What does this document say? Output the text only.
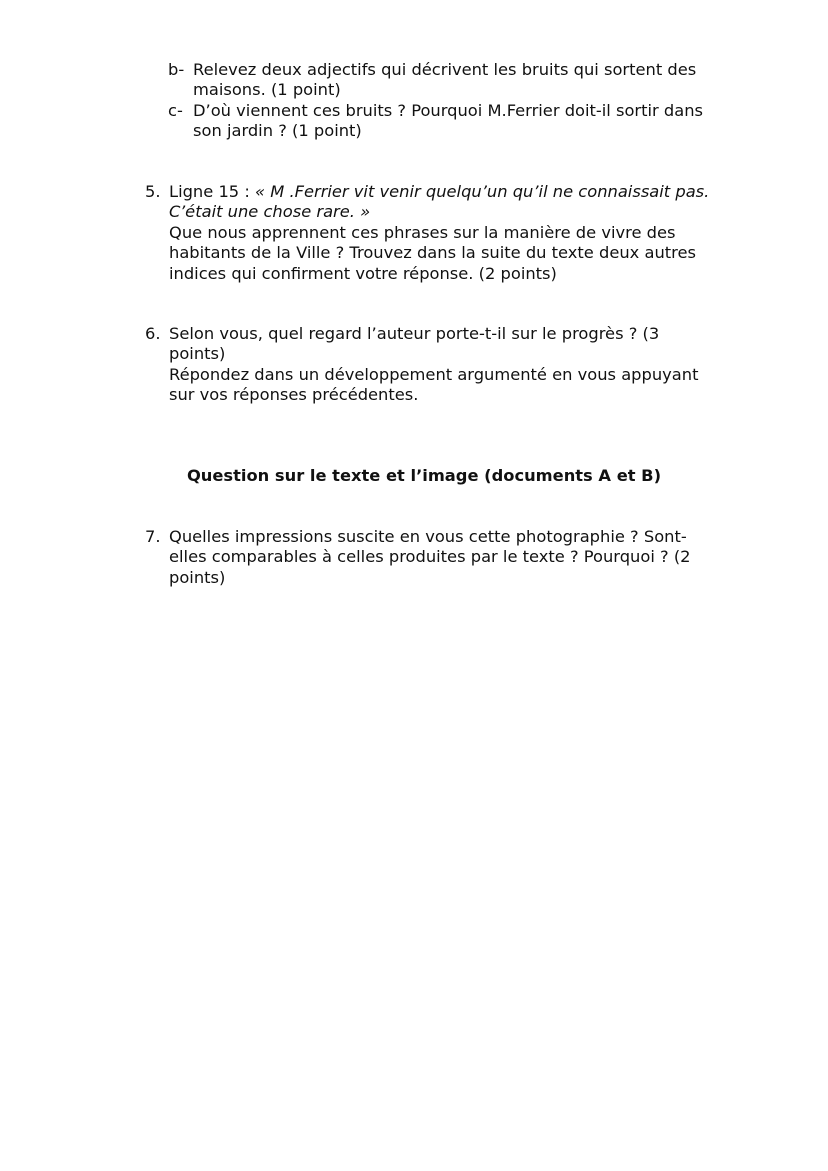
b- Relevez deux adjectifs qui décrivent les bruits qui sortent des maisons. (1 point)
c- D’où viennent ces bruits ? Pourquoi M.Ferrier doit-il sortir dans son jardin ? (1 point)
5. Ligne 15 : « M .Ferrier vit venir quelqu’un qu’il ne connaissait pas.
C’était une chose rare. »
Que nous apprennent ces phrases sur la manière de vivre des
habitants de la Ville ? Trouvez dans la suite du texte deux autres
indices qui confirment votre réponse. (2 points)
6. Selon vous, quel regard l’auteur porte-t-il sur le progrès ? (3
points)
Répondez dans un développement argumenté en vous appuyant
sur vos réponses précédentes.
Question sur le texte et l’image (documents A et B)
7. Quelles impressions suscite en vous cette photographie ? Sont-
elles comparables à celles produites par le texte ? Pourquoi ? (2
points)
